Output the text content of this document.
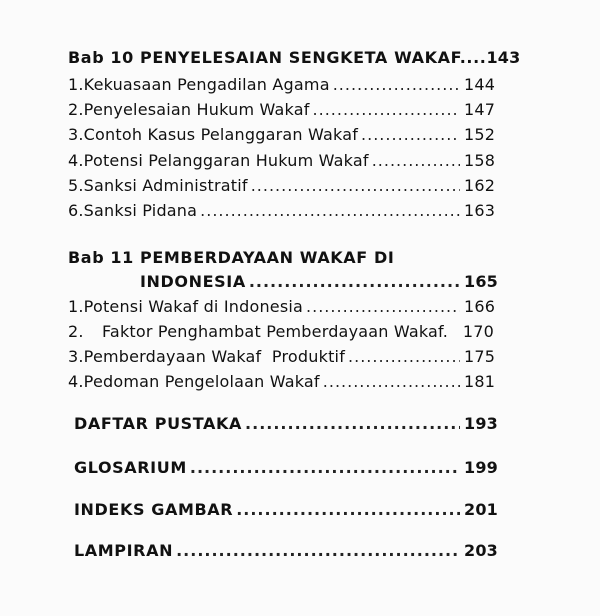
Bab 10 PENYELESAIAN SENGKETA WAKAF.... 143
1. Kekuasaan Pengadilan Agama .....	144
2. Penyelesaian Hukum Wakaf .....	147
3. Contoh Kasus Pelanggaran Wakaf .....	152
4. Potensi Pelanggaran Hukum Wakaf .....	158
5. Sanksi Administratif .....	162
6. Sanksi Pidana .....	163
Bab 11 PEMBERDAYAAN WAKAF DI
INDONESIA .....	165
1. Potensi Wakaf di Indonesia .....	166
2.	Faktor Penghambat Pemberdayaan Wakaf. 170
3. Pemberdayaan Wakaf  Produktif .....	175
4. Pedoman Pengelolaan Wakaf .....	181
DAFTAR PUSTAKA .....	193
GLOSARIUM .....	199
INDEKS GAMBAR .....	201
LAMPIRAN .....	203
